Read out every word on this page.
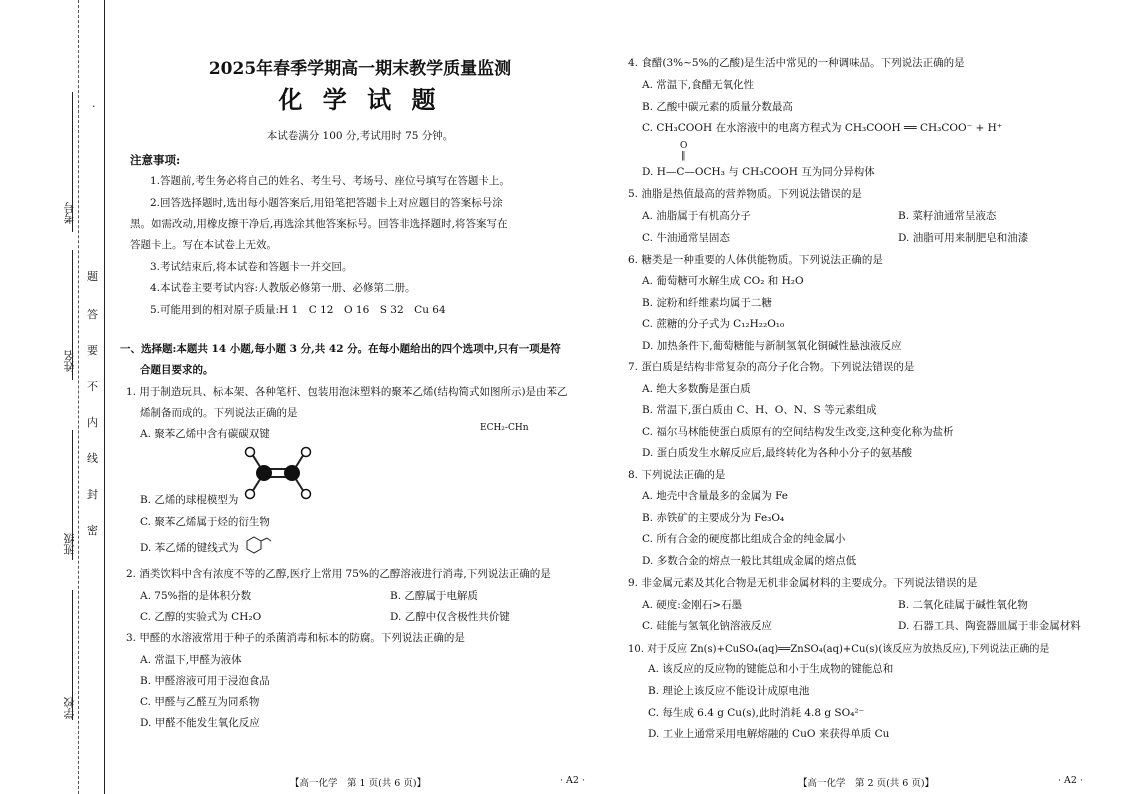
考号
姓名
班级
学校
题
答
要
不
内
线
封
密
·
2025年春季学期高一期末教学质量监测
化 学 试 题
本试卷满分 100 分,考试用时 75 分钟。
注意事项:
1.答题前,考生务必将自己的姓名、考生号、考场号、座位号填写在答题卡上。
2.回答选择题时,选出每小题答案后,用铅笔把答题卡上对应题目的答案标号涂
黑。如需改动,用橡皮擦干净后,再选涂其他答案标号。回答非选择题时,将答案写在
答题卡上。写在本试卷上无效。
3.考试结束后,将本试卷和答题卡一并交回。
4.本试卷主要考试内容:人教版必修第一册、必修第二册。
5.可能用到的相对原子质量:H 1　C 12　O 16　S 32　Cu 64
一、选择题:本题共 14 小题,每小题 3 分,共 42 分。在每小题给出的四个选项中,只有一项是符
合题目要求的。
1. 用于制造玩具、标本架、各种笔杆、包装用泡沫塑料的聚苯乙烯(结构简式如图所示)是由苯乙
烯制备而成的。下列说法正确的是
A. 聚苯乙烯中含有碳碳双键	ECH₂-CH⁠⁠n
B. 乙烯的球棍模型为
C. 聚苯乙烯属于烃的衍生物
D. 苯乙烯的键线式为
2. 酒类饮料中含有浓度不等的乙醇,医疗上常用 75%的乙醇溶液进行消毒,下列说法正确的是
A. 75%指的是体积分数	B. 乙醇属于电解质
C. 乙醇的实验式为 CH₂O	D. 乙醇中仅含极性共价键
3. 甲醛的水溶液常用于种子的杀菌消毒和标本的防腐。下列说法正确的是
A. 常温下,甲醛为液体
B. 甲醛溶液可用于浸泡食品
C. 甲醛与乙醛互为同系物
D. 甲醛不能发生氧化反应
【高一化学　第 1 页(共 6 页)】	· A2 ·
4. 食醋(3%~5%的乙酸)是生活中常见的一种调味品。下列说法正确的是
A. 常温下,食醋无氧化性
B. 乙酸中碳元素的质量分数最高
C. CH₃COOH 在水溶液中的电离方程式为 CH₃COOH ══ CH₃COO⁻ + H⁺
O
‖
D. H—C—OCH₃ 与 CH₃COOH 互为同分异构体
5. 油脂是热值最高的营养物质。下列说法错误的是
A. 油脂属于有机高分子	B. 菜籽油通常呈液态
C. 牛油通常呈固态	D. 油脂可用来制肥皂和油漆
6. 糖类是一种重要的人体供能物质。下列说法正确的是
A. 葡萄糖可水解生成 CO₂ 和 H₂O
B. 淀粉和纤维素均属于二糖
C. 蔗糖的分子式为 C₁₂H₂₂O₁₀
D. 加热条件下,葡萄糖能与新制氢氧化铜碱性悬浊液反应
7. 蛋白质是结构非常复杂的高分子化合物。下列说法错误的是
A. 绝大多数酶是蛋白质
B. 常温下,蛋白质由 C、H、O、N、S 等元素组成
C. 福尔马林能使蛋白质原有的空间结构发生改变,这种变化称为盐析
D. 蛋白质发生水解反应后,最终转化为各种小分子的氨基酸
8. 下列说法正确的是
A. 地壳中含量最多的金属为 Fe
B. 赤铁矿的主要成分为 Fe₃O₄
C. 所有合金的硬度都比组成合金的纯金属小
D. 多数合金的熔点一般比其组成金属的熔点低
9. 非金属元素及其化合物是无机非金属材料的主要成分。下列说法错误的是
A. 硬度:金刚石>石墨	B. 二氧化硅属于碱性氧化物
C. 硅能与氢氧化钠溶液反应	D. 石器工具、陶瓷器皿属于非金属材料
10. 对于反应 Zn(s)+CuSO₄(aq)══ZnSO₄(aq)+Cu(s)(该反应为放热反应),下列说法正确的是
A. 该反应的反应物的键能总和小于生成物的键能总和
B. 理论上该反应不能设计成原电池
C. 每生成 6.4 g Cu(s),此时消耗 4.8 g SO₄²⁻
D. 工业上通常采用电解熔融的 CuO 来获得单质 Cu
【高一化学　第 2 页(共 6 页)】	· A2 ·
